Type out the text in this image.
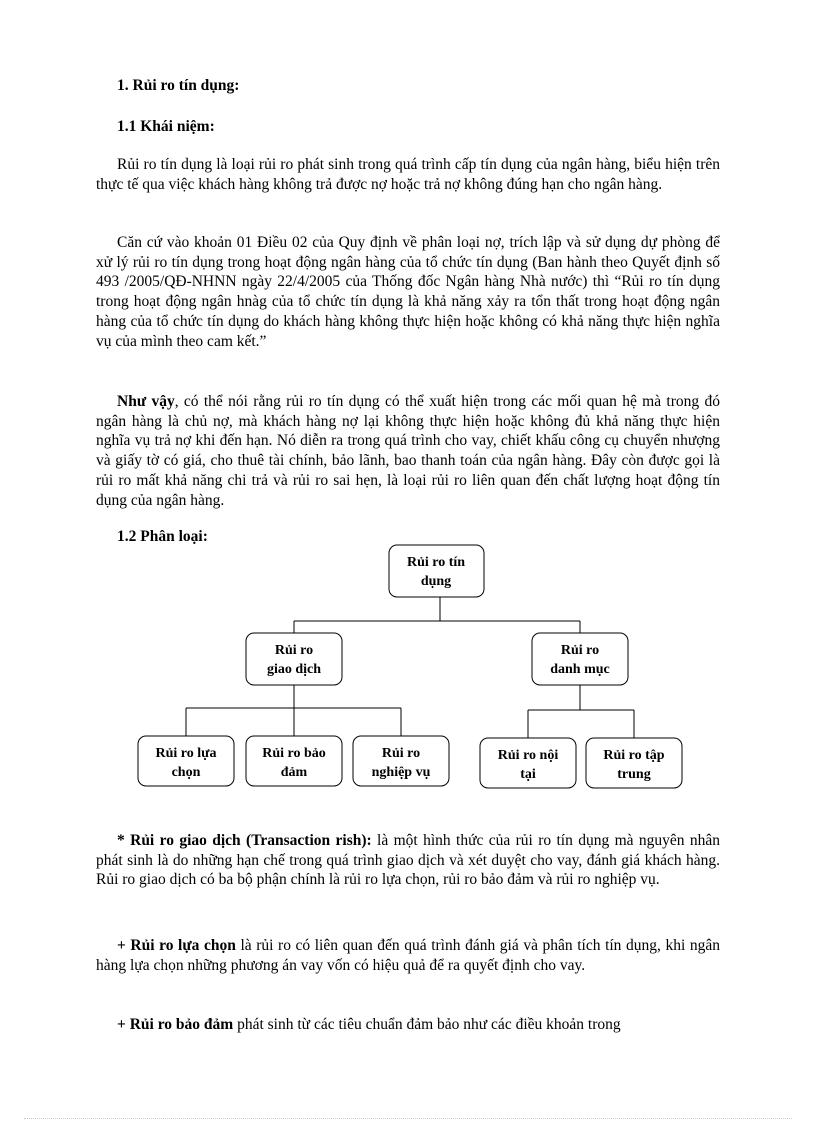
1. Rủi ro tín dụng:
1.1 Khái niệm:

Rủi ro tín dụng là loại rủi ro phát sinh trong quá trình cấp tín dụng của ngân hàng, biểu hiện trên thực tế qua việc khách hàng không trả được nợ hoặc trả nợ không đúng hạn cho ngân hàng.

Căn cứ vào khoản 01 Điều 02 của Quy định về phân loại nợ, trích lập và sử dụng dự phòng để xử lý rủi ro tín dụng trong hoạt động ngân hàng của tổ chức tín dụng (Ban hành theo Quyết định số 493 /2005/QĐ-NHNN ngày 22/4/2005 của Thống đốc Ngân hàng Nhà nước) thì “Rủi ro tín dụng trong hoạt động ngân hnàg của tổ chức tín dụng là khả năng xảy ra tổn thất trong hoạt động ngân hàng của tổ chức tín dụng do khách hàng không thực hiện hoặc không có khả năng thực hiện nghĩa vụ của mình theo cam kết.”

Như vậy, có thể nói rằng rủi ro tín dụng có thể xuất hiện trong các mối quan hệ mà trong đó ngân hàng là chủ nợ, mà khách hàng nợ lại không thực hiện hoặc không đủ khả năng thực hiện nghĩa vụ trả nợ khi đến hạn. Nó diễn ra trong quá trình cho vay, chiết khấu công cụ chuyển nhượng và giấy tờ có giá, cho thuê tài chính, bảo lãnh, bao thanh toán của ngân hàng. Đây còn được gọi là rủi ro mất khả năng chi trả và rủi ro sai hẹn, là loại rủi ro liên quan đến chất lượng hoạt động tín dụng của ngân hàng.

1.2 Phân loại:
Rủi ro tín
dụng
Rủi ro
giao dịch
Rủi ro
danh mục
Rủi ro lựa
chọn
Rủi ro bảo
đảm
Rủi ro
nghiệp vụ
Rủi ro nội
tại
Rủi ro tập
trung

* Rủi ro giao dịch (Transaction rish): là một hình thức của rủi ro tín dụng mà nguyên nhân phát sinh là do những hạn chế trong quá trình giao dịch và xét duyệt cho vay, đánh giá khách hàng. Rủi ro giao dịch có ba bộ phận chính là rủi ro lựa chọn, rủi ro bảo đảm và rủi ro nghiệp vụ.

+ Rủi ro lựa chọn là rủi ro có liên quan đến quá trình đánh giá và phân tích tín dụng, khi ngân hàng lựa chọn những phương án vay vốn có hiệu quả để ra quyết định cho vay.

+ Rủi ro bảo đảm phát sinh từ các tiêu chuẩn đảm bảo như các điều khoản trong
